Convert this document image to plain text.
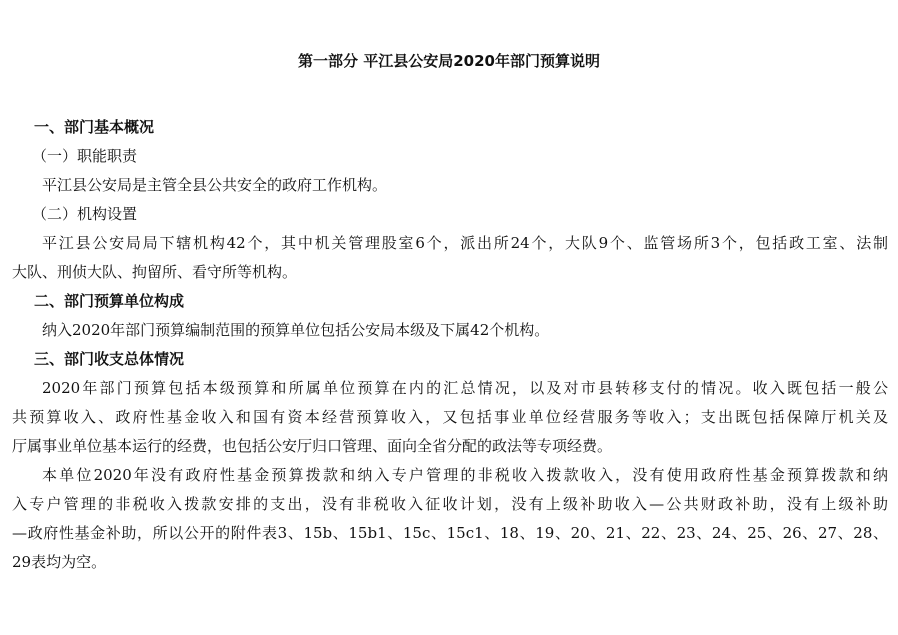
第一部分 平江县公安局2020年部门预算说明
一、部门基本概况
（一）职能职责
平江县公安局是主管全县公共安全的政府工作机构。
（二）机构设置
平江县公安局局下辖机构42个，其中机关管理股室6个，派出所24个，大队9个、监管场所3个，包括政工室、法制
大队、刑侦大队、拘留所、看守所等机构。
二、部门预算单位构成
纳入2020年部门预算编制范围的预算单位包括公安局本级及下属42个机构。
三、部门收支总体情况
2020年部门预算包括本级预算和所属单位预算在内的汇总情况，以及对市县转移支付的情况。收入既包括一般公
共预算收入、政府性基金收入和国有资本经营预算收入，又包括事业单位经营服务等收入；支出既包括保障厅机关及
厅属事业单位基本运行的经费，也包括公安厅归口管理、面向全省分配的政法等专项经费。
本单位2020年没有政府性基金预算拨款和纳入专户管理的非税收入拨款收入，没有使用政府性基金预算拨款和纳
入专户管理的非税收入拨款安排的支出，没有非税收入征收计划，没有上级补助收入—公共财政补助，没有上级补助
—政府性基金补助，所以公开的附件表3、15b、15b1、15c、15c1、18、19、20、21、22、23、24、25、26、27、28、
29表均为空。
